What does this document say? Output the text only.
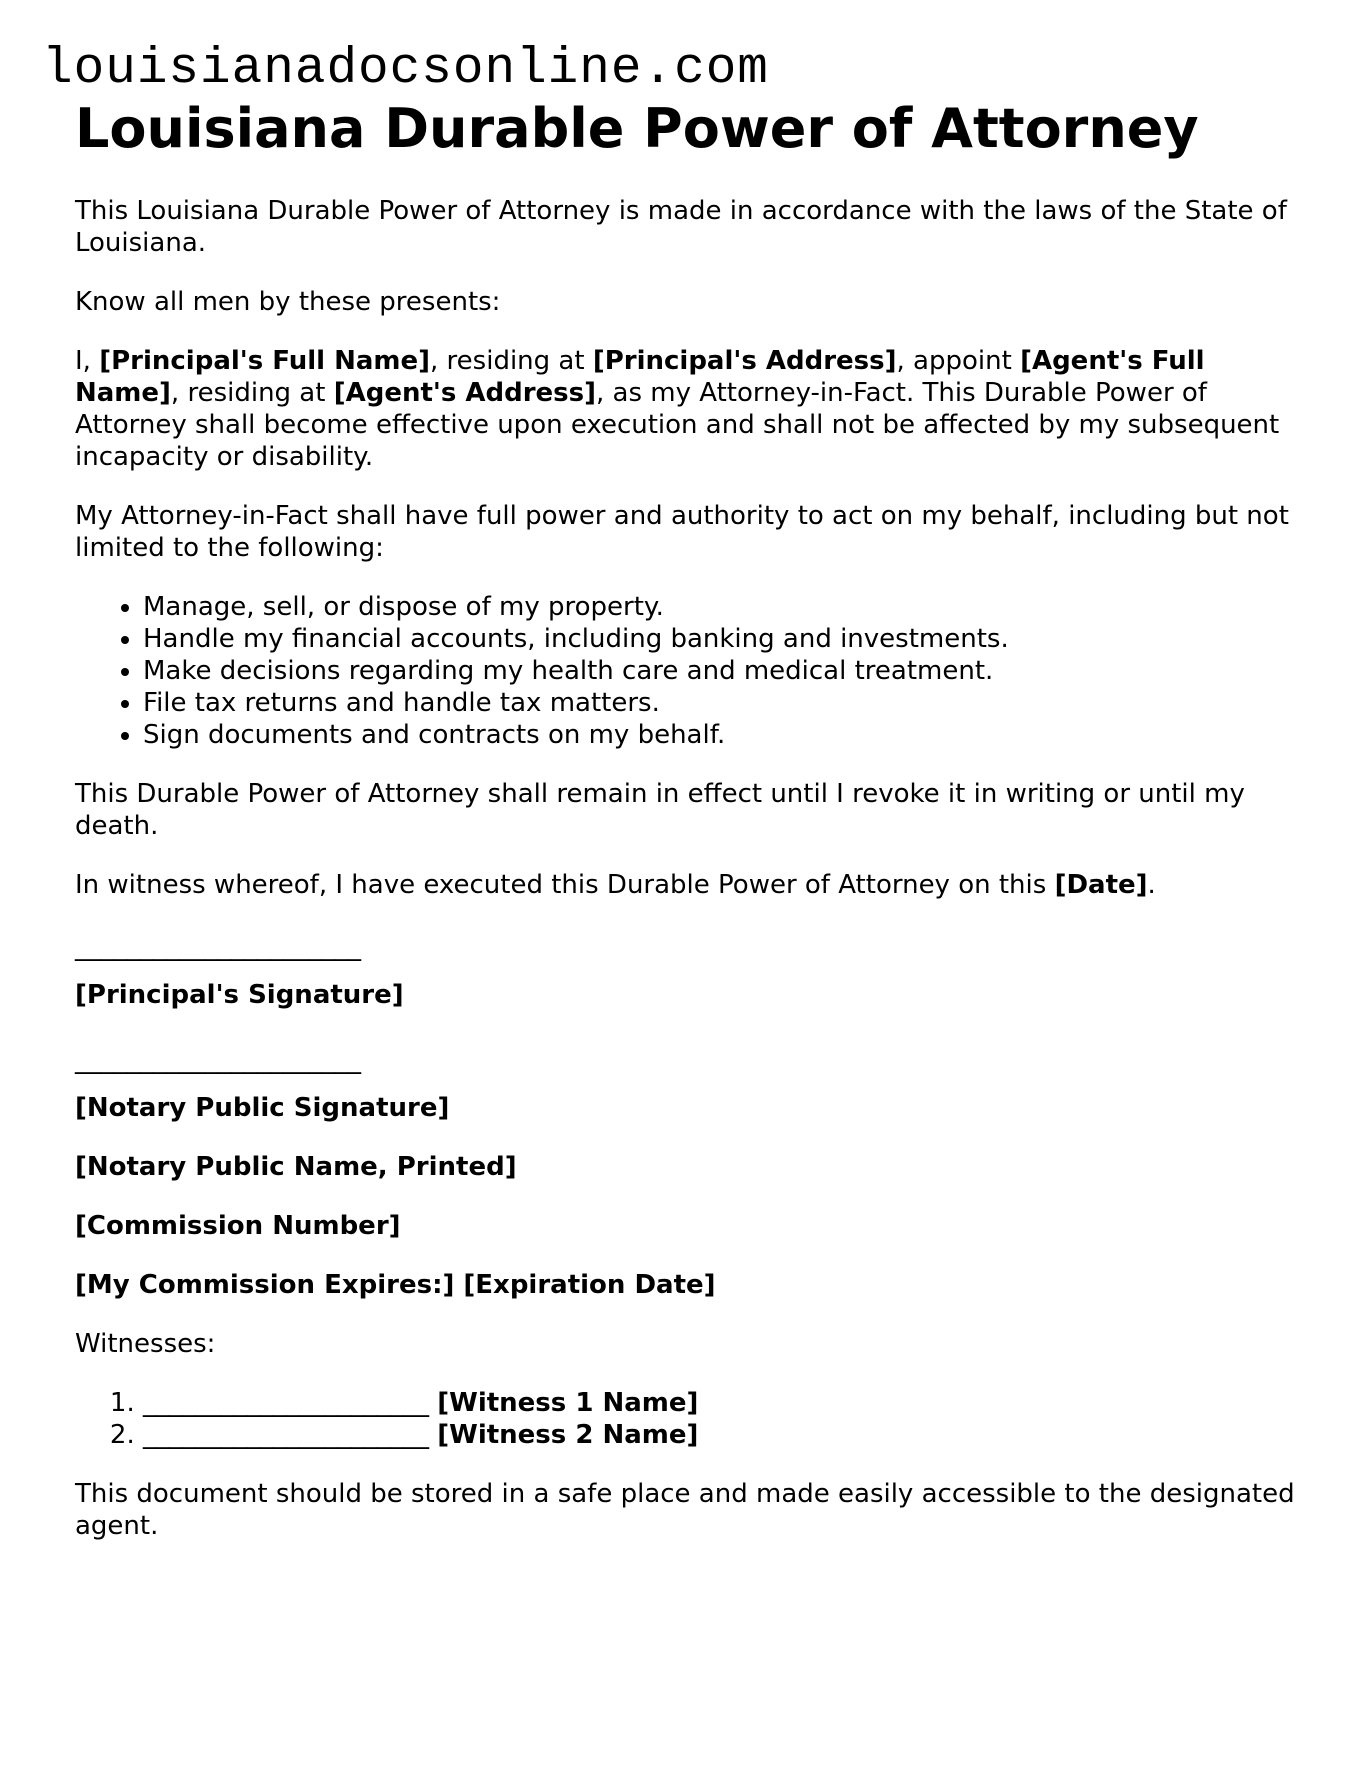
louisianadocsonline.com
Louisiana Durable Power of Attorney

This Louisiana Durable Power of Attorney is made in accordance with the laws of the State of Louisiana.

Know all men by these presents:

I, [Principal's Full Name], residing at [Principal's Address], appoint [Agent's Full Name], residing at [Agent's Address], as my Attorney-in-Fact. This Durable Power of Attorney shall become effective upon execution and shall not be affected by my subsequent incapacity or disability.

My Attorney-in-Fact shall have full power and authority to act on my behalf, including but not limited to the following:

• Manage, sell, or dispose of my property.
• Handle my financial accounts, including banking and investments.
• Make decisions regarding my health care and medical treatment.
• File tax returns and handle tax matters.
• Sign documents and contracts on my behalf.

This Durable Power of Attorney shall remain in effect until I revoke it in writing or until my death.

In witness whereof, I have executed this Durable Power of Attorney on this [Date].

______________________

[Principal's Signature]

______________________

[Notary Public Signature]

[Notary Public Name, Printed]

[Commission Number]

[My Commission Expires:] [Expiration Date]

Witnesses:

1. ______________________ [Witness 1 Name]
2. ______________________ [Witness 2 Name]

This document should be stored in a safe place and made easily accessible to the designated agent.
